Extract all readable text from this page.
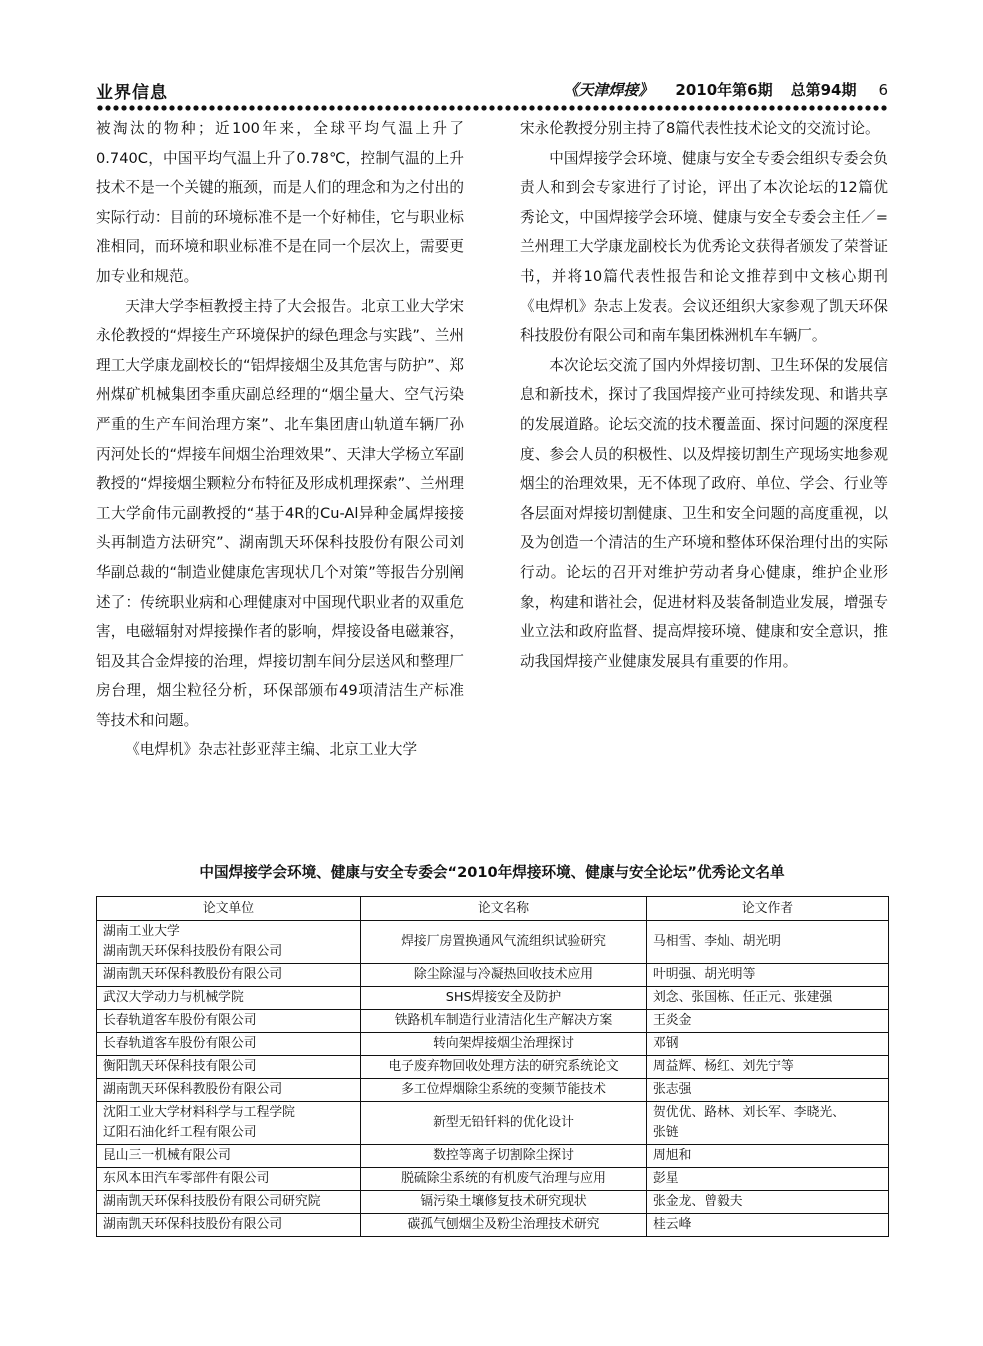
业界信息	《天津焊接》 2010年第6期 总第94期 6

被淘汰的物种；近100年来，全球平均气温上升了0.740C，中国平均气温上升了0.78℃，控制气温的上升技术不是一个关键的瓶颈，而是人们的理念和为之付出的实际行动：目前的环境标准不是一个好柿佳，它与职业标准相同，而环境和职业标准不是在同一个层次上，需要更加专业和规范。

天津大学李桓教授主持了大会报告。北京工业大学宋永伦教授的“焊接生产环境保护的绿色理念与实践”、兰州理工大学康龙副校长的“铝焊接烟尘及其危害与防护”、郑州煤矿机械集团李重庆副总经理的“烟尘量大、空气污染严重的生产车间治理方案”、北车集团唐山轨道车辆厂孙丙河处长的“焊接车间烟尘治理效果”、天津大学杨立军副教授的“焊接烟尘颗粒分布特征及形成机理探索”、兰州理工大学俞伟元副教授的“基于4R的Cu-Al异种金属焊接接头再制造方法研究”、湖南凯天环保科技股份有限公司刘华副总裁的“制造业健康危害现状几个对策”等报告分别阐述了：传统职业病和心理健康对中国现代职业者的双重危害，电磁辐射对焊接操作者的影响，焊接设备电磁兼容，铝及其合金焊接的治理，焊接切割车间分层送风和整理厂房台理，烟尘粒径分析，环保部颁布49项清洁生产标准等技术和问题。

《电焊机》杂志社彭亚萍主编、北京工业大学

宋永伦教授分别主持了8篇代表性技术论文的交流讨论。

中国焊接学会环境、健康与安全专委会组织专委会负责人和到会专家进行了讨论，评出了本次论坛的12篇优秀论文，中国焊接学会环境、健康与安全专委会主任／=兰州理工大学康龙副校长为优秀论文获得者颁发了荣誉证书，并将10篇代表性报告和论文推荐到中文核心期刊《电焊机》杂志上发表。会议还组织大家参观了凯天环保科技股份有限公司和南车集团株洲机车车辆厂。

本次论坛交流了国内外焊接切割、卫生环保的发展信息和新技术，探讨了我国焊接产业可持续发现、和谐共享的发展道路。论坛交流的技术覆盖面、探讨问题的深度程度、参会人员的积极性、以及焊接切割生产现场实地参观烟尘的治理效果，无不体现了政府、单位、学会、行业等各层面对焊接切割健康、卫生和安全问题的高度重视，以及为创造一个清洁的生产环境和整体环保治理付出的实际行动。论坛的召开对维护劳动者身心健康，维护企业形象，构建和谐社会，促进材料及装备制造业发展，增强专业立法和政府监督、提高焊接环境、健康和安全意识，推动我国焊接产业健康发展具有重要的作用。

中国焊接学会环境、健康与安全专委会“2010年焊接环境、健康与安全论坛”优秀论文名单
论文单位	论文名称	论文作者

湖南工业大学
湖南凯天环保科技股份有限公司	焊接厂房置换通风气流组织试验研究	马相雪、李灿、胡光明

湖南凯天环保科教股份有限公司	除尘除湿与冷凝热回收技术应用	叶明强、胡光明等

武汉大学动力与机械学院	SHS焊接安全及防护	刘念、张国栋、任正元、张建强

长春轨道客车股份有限公司	铁路机车制造行业清洁化生产解决方案	王炎金

长春轨道客车股份有限公司	转向架焊接烟尘治理探讨	邓钢

衡阳凯天环保科技有限公司	电子废弃物回收处理方法的研究系统论文	周益辉、杨红、刘先宁等

湖南凯天环保科教股份有限公司	多工位焊烟除尘系统的变频节能技术	张志强

沈阳工业大学材料科学与工程学院
辽阳石油化纤工程有限公司	新型无铅钎料的优化设计	贺优优、路林、刘长军、李晓光、
张链

昆山三一机械有限公司	数控等离子切割除尘探讨	周旭和

东风本田汽车零部件有限公司	脱硫除尘系统的有机废气治理与应用	彭星

湖南凯天环保科技股份有限公司研究院	镉污染土壤修复技术研究现状	张金龙、曾毅夫

湖南凯天环保科技股份有限公司	碳孤气刨烟尘及粉尘治理技术研究	桂云峰
